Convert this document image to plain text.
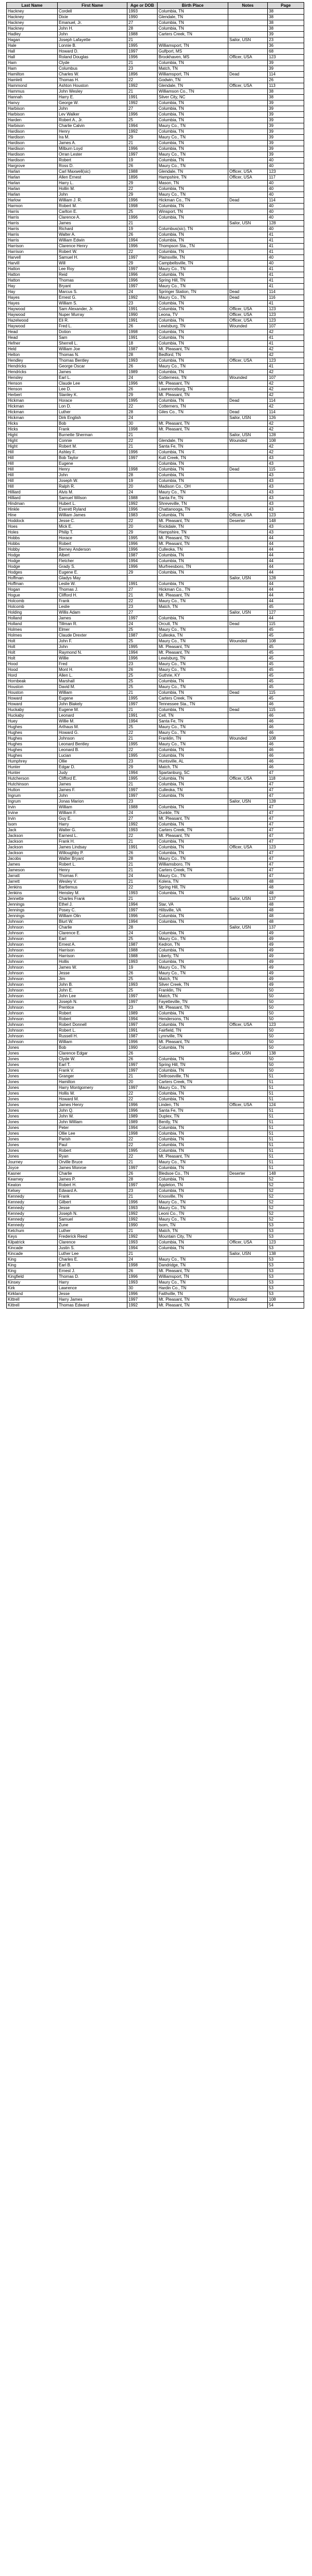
Last Name	First Name	Age or DOB	Birth Place	Notes	Page
Hackney	Cordell	1993	Columbia, TN		38
Hackney	Dixie	1990	Glendale, TN		38
Hackney	Emanuel, Jr.	27	Columbia, TN		38
Hackney	John H.	28	Columbia, TN		38
Hadley	John	1988	Carters Creek, TN		39
Hagan	Joseph Lafayette	21		Sailor, USN	23
Hale	Lonnie B.	1995	Williamsport, TN		36
Hall	Howard D.	1997	Gulfport, MS		68
Hall	Roland Douglas	1996	Brookhaven, MS	Officer, USA	123
Ham	Clyde	21	Columbia, TN		39
Ham	Columbus	23	Match, TN		39
Hamilton	Charles W.	1896	Williamsport, TN	Dead	114
Hamlett	Thomas H.	22	Godwin, TN		26
Hammond	Ashton Houston	1992	Glendale, TN	Officer, USA	113
Hammus	John Wesley	21	Williamson Co., TN		38
Hannah	Harry E.	1991	Silver City, NC		38
Hanvy	George W.	1992	Columbia, TN		39
Harbison	John	27	Columbia, TN		39
Harbison	Lev Walker	1996	Columbia, TN		39
Harden	Robert A., Jr.	25	Columbia, TN		39
Harbison	Charlie Calvin	1994	Maury Co., TN		39
Hardison	Henry	1992	Columbia, TN		39
Hardison	Ira M.	29	Maury Co., TN		39
Hardison	James A.	21	Columbia, TN		39
Hardison	Milburn Loyd	1996	Columbia, TN		39
Hardison	Orran Lester	1997	Maury Co., TN		39
Hardison	Robert	19	Columbia, TN		40
Hargrove	Ross D.	26	Maury Co., TN		40
Harlan	Carl Maxwell(sic)	1988	Glendale, TN	Officer, USA	123
Harlan	Allen Ernest	1896	Hampshire, TN	Officer, USA	117
Harlan	Harry L.	29	Mason, TN		40
Harlan	Hollin M.	22	Columbia, TN		40
Harlan	John	29	Maury Co., TN		40
Harlow	William J. R.	1996	Hickman Co., TN	Dead	114
Harmon	Robert M.	1998	Columbia, TN		40
Harris	Carlton E.	25	Winsport, TN		40
Harris	Clarence A.	1996	Columbia, TN		40
Harris	James	21		Sailor, USN	128
Harris	Richard	19	Columbus(sic), TN		40
Harris	Walter A.	26	Columbia, TN		41
Harris	William Edwin	1994	Columbia, TN		41
Harrison	Clarence Henry	1996	Thompson Sta., TN		41
Harrison	Robert W.	22	Columbia, TN		41
Harvell	Samuel H.	1997	Plainsville, TN		40
Harvill	Will	29	Campbellsville, TN		40
Hatton	Lee Roy	1997	Maury Co., TN		41
Hatton	Reid	1996	Columbia, TN		41
Hatton	Thomas	1996	Spring Hill, TN		41
Hay	Bryant	1997	Maury Co., TN		41
Hay	Marcus S.	24	Springer Station, TN	Dead	114
Hayes	Ernest G.	1992	Maury Co., TN	Dead	116
Hayes	William S.	23	Columbia, TN		41
Haywood	Sam Alexander, Jr.	1991	Columbia, TN	Officer, USA	123
Haywood	Nuper Murray	1990	Leona, TV	Officer, USA	123
Hazelwood	Eli R.	1991	Columbia, TN	Officer, USA	123
Haywood	Fred L.	26	Lewisburg, TN	Wounded	107
Head	Dotion	1998	Columbia, TN		42
Head	Sam	1991	Columbia, TN		41
Hefner	Sherrell L.	18	Columbia, TN		41
Held	William Joe	1987	Mt. Pleasant, TN		42
Helton	Thomas N.	28	Bedford, TN		42
Hendley	Thomas Bentley	1993	Columbia, TN	Officer, USA	123
Hendricks	George Oscar	26	Maury Co., TN		41
Hendricks	James	1989	Columbia, TN		42
Hensley	Earl L.	24	Cotterness, TN	Wounded	107
Henson	Claude Lee	1996	Mt. Pleasant, TN		42
Henson	Lee D.	26	Lawrenceburg, TN		42
Herbert	Stanley K.	29	Mt. Pleasant, TN		42
Hickman	Horace	1995	Columbia, TN	Dead	114
Hickman	Lon D.	22	Cotterners, TN		42
Hickman	Luther	28	Giles Co., TN	Dead	114
Hickman	Dirk English	24		Sailor, USN	126
Hicks	Bob	30	Mt. Pleasant, TN		42
Hicks	Frank	1998	Mt. Pleasant, TN		42
Hight	Burnette Sherman	21		Sailor, USN	128
Hight	Connie	22	Glendale, TN	Wounded	108
Hight	Robert M.	21	Santa Fe, TN		42
Hill	Ashley F.	1996	Columbia, TN		42
Hill	Bob Taylor	1997	Kutt Creek, TN		43
Hill	Eugene		Columbia, TN		43
Hill	Henry	1998	Columbia, TN	Dead	115
Hill	John	28	Columbia, TN		43
Hill	Joseph W.	19	Columbia, TN		43
Hill	Ralph R.	20	Madison Co., OH		43
Hilliard	Alvis M.	24	Maury Co., TN		43
Hilliard	Samuel Wilson	1988	Santa Fe, TN		43
Hindman	Hubert L.	1992	Shreveville, TN		43
Hinkle	Everett Ryland	1996	Chattanooga, TN		43
Hine	William James	1983	Columbia, TN	Officer, USA	123
Hoddock	Jesse C.	22	Mt. Pleasant, TN	Deserter	148
Hoes	Mick E.	20	Rockdale, TN		43
Holes	Philip T.	29	Hampshire, TN		43
Hobbs	Horace	1995	Mt. Pleasant, TN		44
Hobbs	Robert	1996	Mt. Pleasant, TN		44
Hobby	Berney Anderson	1996	Culleoka, TN		44
Hodge	Albert	1987	Columbia, TN		44
Hodge	Fletcher	1994	Columbia, TN		44
Hodge	Grady S.	1996	Murfreesboro, TN		44
Hodges	Eugene E.	29	Columbia, TN		44
Hoffman	Gladys May			Sailor, USN	128
Hoffman	Leslie W.	1991	Columbia, TN		44
Hogan	Thomas J.	27	Hickman Co., TN		44
Hogue	Clifford H.	21	Mt. Pleasant, TN		44
Holcomb	Frank	22	Maury Co., TN		44
Holcomb	Leslie	23	Match, TN		45
Holding	Willis Adam	27		Sailor, USN	127
Holland	James	1997	Columbia, TN		44
Holland	Tillman R.	24	Orcutt, TN	Dead	115
Holmes	Elmer	25	Maury Co., TN		45
Holmes	Claude Drexter	1987	Culleoka, TN		45
Holt	John F.	25	Maury Co., TN	Wounded	108
Holt	John	1995	Mt. Pleasant, TN		45
Holt	Raymond N.	1994	Mt. Pleasant, TN		45
Holt	Willie	1996	Lewisburg, TN		45
Hood	Fred	23	Maury Co., TN		45
Hood	Mont H.	26	Maury Co., TN		45
Hord	Allen L.	25	Guthrie, KY		45
Hornbeak	Marshall	25	Columbia, TN		45
Houston	David M.	25	Maury Co., TN		45
Houston	William	21	Columbia, TN	Dead	115
Howard	Eugene	1995	Carters Creek, TN		45
Howard	John Blakely	1997	Tennessee Sta., TN		46
Huckaby	Eugene M.	21	Columbia, TN	Dead	115
Huckaby	Leonard	1991	Cell, TN		46
Huey	Willie M.	1994	Santa Fe, TN		46
Hughes	Arthaus M.	25	Maury Co., TN		46
Hughes	Howard G.	22	Maury Co., TN		46
Hughes	Johnson	21	Franklin, TN	Wounded	108
Hughes	Leonard Bentley	1995	Maury Co., TN		46
Hughes	Leonard B.	22	Columbia, TN		46
Hughes	Lucian	1995	Columbia, TN		46
Humphrey	Ollie	23	Huntsville, AL		46
Hunter	Edgar D.	29	Match, TN		46
Hunter	Judy	1994	Spartanburg, SC		47
Hutcherson	Clifford E.	1995	Columbia, TN	Officer, USA	118
Hutchinson	James	21	Columbia, TN		47
Hutton	James F.	1997	Culleoka, TN		47
Ingrum	John	1997	Columbia, TN		47
Ingrum	Jonas Marion	23		Sailor, USN	128
Irvin	William	1988	Columbia, TN		47
Irvine	William F.	24	Dunkle, TN		47
Irvin	Guy E.	27	Mt. Pleasant, TN		47
Isom	Harry	1992	Columbia, TN		47
Jack	Walter G.	1993	Carters Creek, TN		47
Jackson	Earnest L.	22	Mt. Pleasant, TN		47
Jackson	Frank H.	21	Columbia, TN		47
Jackson	James Lindsay	1991	Columbia, TN	Officer, USA	123
Jackson	Willoughby P.	26	Columbia, TN		47
Jacobs	Walter Bryant	28	Maury Co., TN		47
James	Robert L.	21	Williamsboro, TN		47
Jameson	Henry	21	Carters Creek, TN		47
Jarratt	Thomas F.	24	Maury Co., TN		47
Jarrett	Wesley V.	21	Kolera, TN		48
Jenkins	Bartlemus	22	Spring Hill, TN		48
Jenkins	Hensley M.	1993	Columbia, TN		48
Jennette	Charles Frank	21		Sailor, USN	137
Jennings	Ethel J.	1994	Star, VA		48
Jennings	Posey C.	1997	Hillsville, VA		48
Jennings	William Olin	1996	Columbia, TN		48
Johnson	Blurt W.	1994	Columbia, TN		48
Johnson	Charlie	28		Sailor, USN	137
Johnson	Clarence E.	24	Columbia, TN		49
Johnson	Earl	25	Maury Co., TN		49
Johnson	Ernest A.	1987	Kedron, TN		49
Johnson	Harrison	1988	Columbia, TN		49
Johnson	Harrison	1988	Liberty, TN		49
Johnson	Hollis	1993	Columbia, TN		49
Johnson	James W.	19	Maury Co., TN		49
Johnson	Jesse	26	Maury Co., TN		49
Johnson	Jim	25	Match, TN		49
Johnson	John B.	1993	Silver Creek, TN		49
Johnson	John E.	25	Franklin, TN		50
Johnson	John Lee	1997	Match, TN		50
Johnson	Joseph N.	1997	Fayetteville, TN		50
Johnson	Prentice	23	Mt. Pleasant, TN		50
Johnson	Robert	1989	Columbia, TN		50
Johnson	Robert	1994	Hendersons, TN		50
Johnson	Robert Donnell	1997	Columbia, TN	Officer, USA	123
Johnson	Robert L.	1991	Fairfield, TN		50
Johnson	Russell H.	1987	Lynnville, TN		50
Johnson	William	1996	Mt. Pleasant, TN		50
Jones	Bob	1990	Columbia, TN		50
Jones	Clarence Edgar	26		Sailor, USN	138
Jones	Clyde W.	26	Columbia, TN		50
Jones	Earl T.	1997	Spring Hill, TN		50
Jones	Frank V.	1997	Columbia, TN		50
Jones	Granger	21	Dellroseville, TN		51
Jones	Hamilton	20	Carters Creek, TN		51
Jones	Harry Montgomery	1997	Maury Co., TN		51
Jones	Hollis W.	22	Columbia, TN		51
Jones	Howard M.	22	Columbia, TN		51
Jones	James Henry	1996	Linden, TN	Officer, USA	124
Jones	John Q.	1996	Santa Fe, TN		51
Jones	John W.	1989	Duplex, TN		51
Jones	John William	1989	Bently, TN		51
Jones	Peter	1994	Columbia, TN		51
Jones	Ollie Lee	1998	Columbia, TN		51
Jones	Parish	22	Columbia, TN		51
Jones	Paul	22	Columbia, TN		51
Jones	Robert	1995	Columbia, TN		51
Jones	Ryan	22	Mt. Pleasant, TN		51
Journey	Orville Bruce	21	Maury Co., TN		51
Joyce	James Monroe	1997	Columbia, TN		51
Kasner	Charlie	26	Bledsoe Co., TN	Deserter	148
Kearney	James P.	28	Columbia, TN		52
Keaton	Robert H.	1997	Appleton, TN		52
Kelsey	Edward A.	23	Columbia, TN		52
Kennedy	Frank	21	Knoxville, TN		52
Kennedy	Gilbert	1996	Maury Co., TN		52
Kennedy	Jesse	1993	Maury Co., TN		52
Kennedy	Joseph N.	1992	Leoni Co., TN		52
Kennedy	Samuel	1992	Maury Co., TN		52
Kennedy	Zune	1990	Isom, TN		53
Ketchum	Luther	21	Match, TN		53
Keys	Frederick Reed	1992	Mountain City, TN		53
Kilpatrick	Clarence	1993	Columbia, TN	Officer, USA	123
Kincade	Justin S.	1994	Columbia, TN		53
Kincade	Luther Lee	21		Sailor, USN	138
King	Charles E.	24	Maury Co., TN		53
King	Earl B.	1998	Dandridge, TN		53
King	Ernest J.	26	Mt. Pleasant, TN		53
Kingfield	Thomas D.	1996	Williamsport, TN		53
Kinsey	Harry	1993	Maury Co., TN		53
Kirk	Lawrence	30	Hardin Co., TN		53
Kirkland	Jesse	1996	Faithville, TN		53
Kittrell	Harry James	1997	Mt. Pleasant, TN	Wounded	108
Kittrell	Thomas Edward	1992	Mt. Pleasant, TN		54
